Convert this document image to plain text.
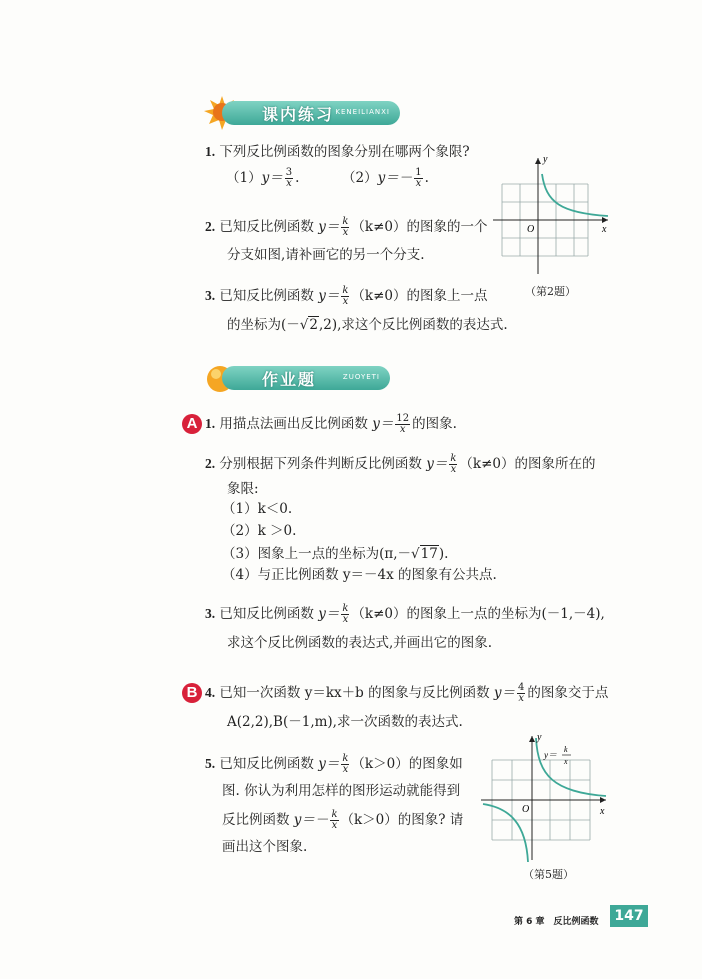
课内练习 KENEILIANXI
1. 下列反比例函数的图象分别在哪两个象限?
$(1)y= \frac{3}{x}$ .	$(2)y=- \frac{1}{x}$ .
2. 已知反比例函数 $y= \frac{k}{x} (k\ne 0)$的图象的一个
分支如图,请补画它的另一个分支.
3. 已知反比例函数 $y= \frac{k}{x} (k\ne 0)$的图象上一点
的坐标为(－√2,2),求这个反比例函数的表达式.
x
y
O
（第2题）
作业题	ZUOYETI
A 1. 用描点法画出反比例函数 $y= \frac{12}{x}$ 的图象.
2. 分别根据下列条件判断反比例函数 $y= \frac{k}{x} (k\ne 0)$的图象所在的
象限:
（1）k＜0.
（2）k ＞0.
（3）图象上一点的坐标为(π,－√17).
（4）与正比例函数 y＝－4x 的图象有公共点.
3. 已知反比例函数 $y= \frac{k}{x} (k\ne 0)$的图象上一点的坐标为(－1,－4),
求这个反比例函数的表达式,并画出它的图象.
B 4. 已知一次函数 y＝kx＋b 的图象与反比例函数 $y= \frac{4}{x}$ 的图象交于点
A(2,2),B(－1,m),求一次函数的表达式.
5. 已知反比例函数 $y= \frac{k}{x} (k>0)$的图象如
图. 你认为利用怎样的图形运动就能得到
反比例函数 $y=- \frac{k}{x} (k>0)$的图象? 请
画出这个图象.
x
y
O
y＝
k
x
（第5题）
第 6 章　反比例函数	147
